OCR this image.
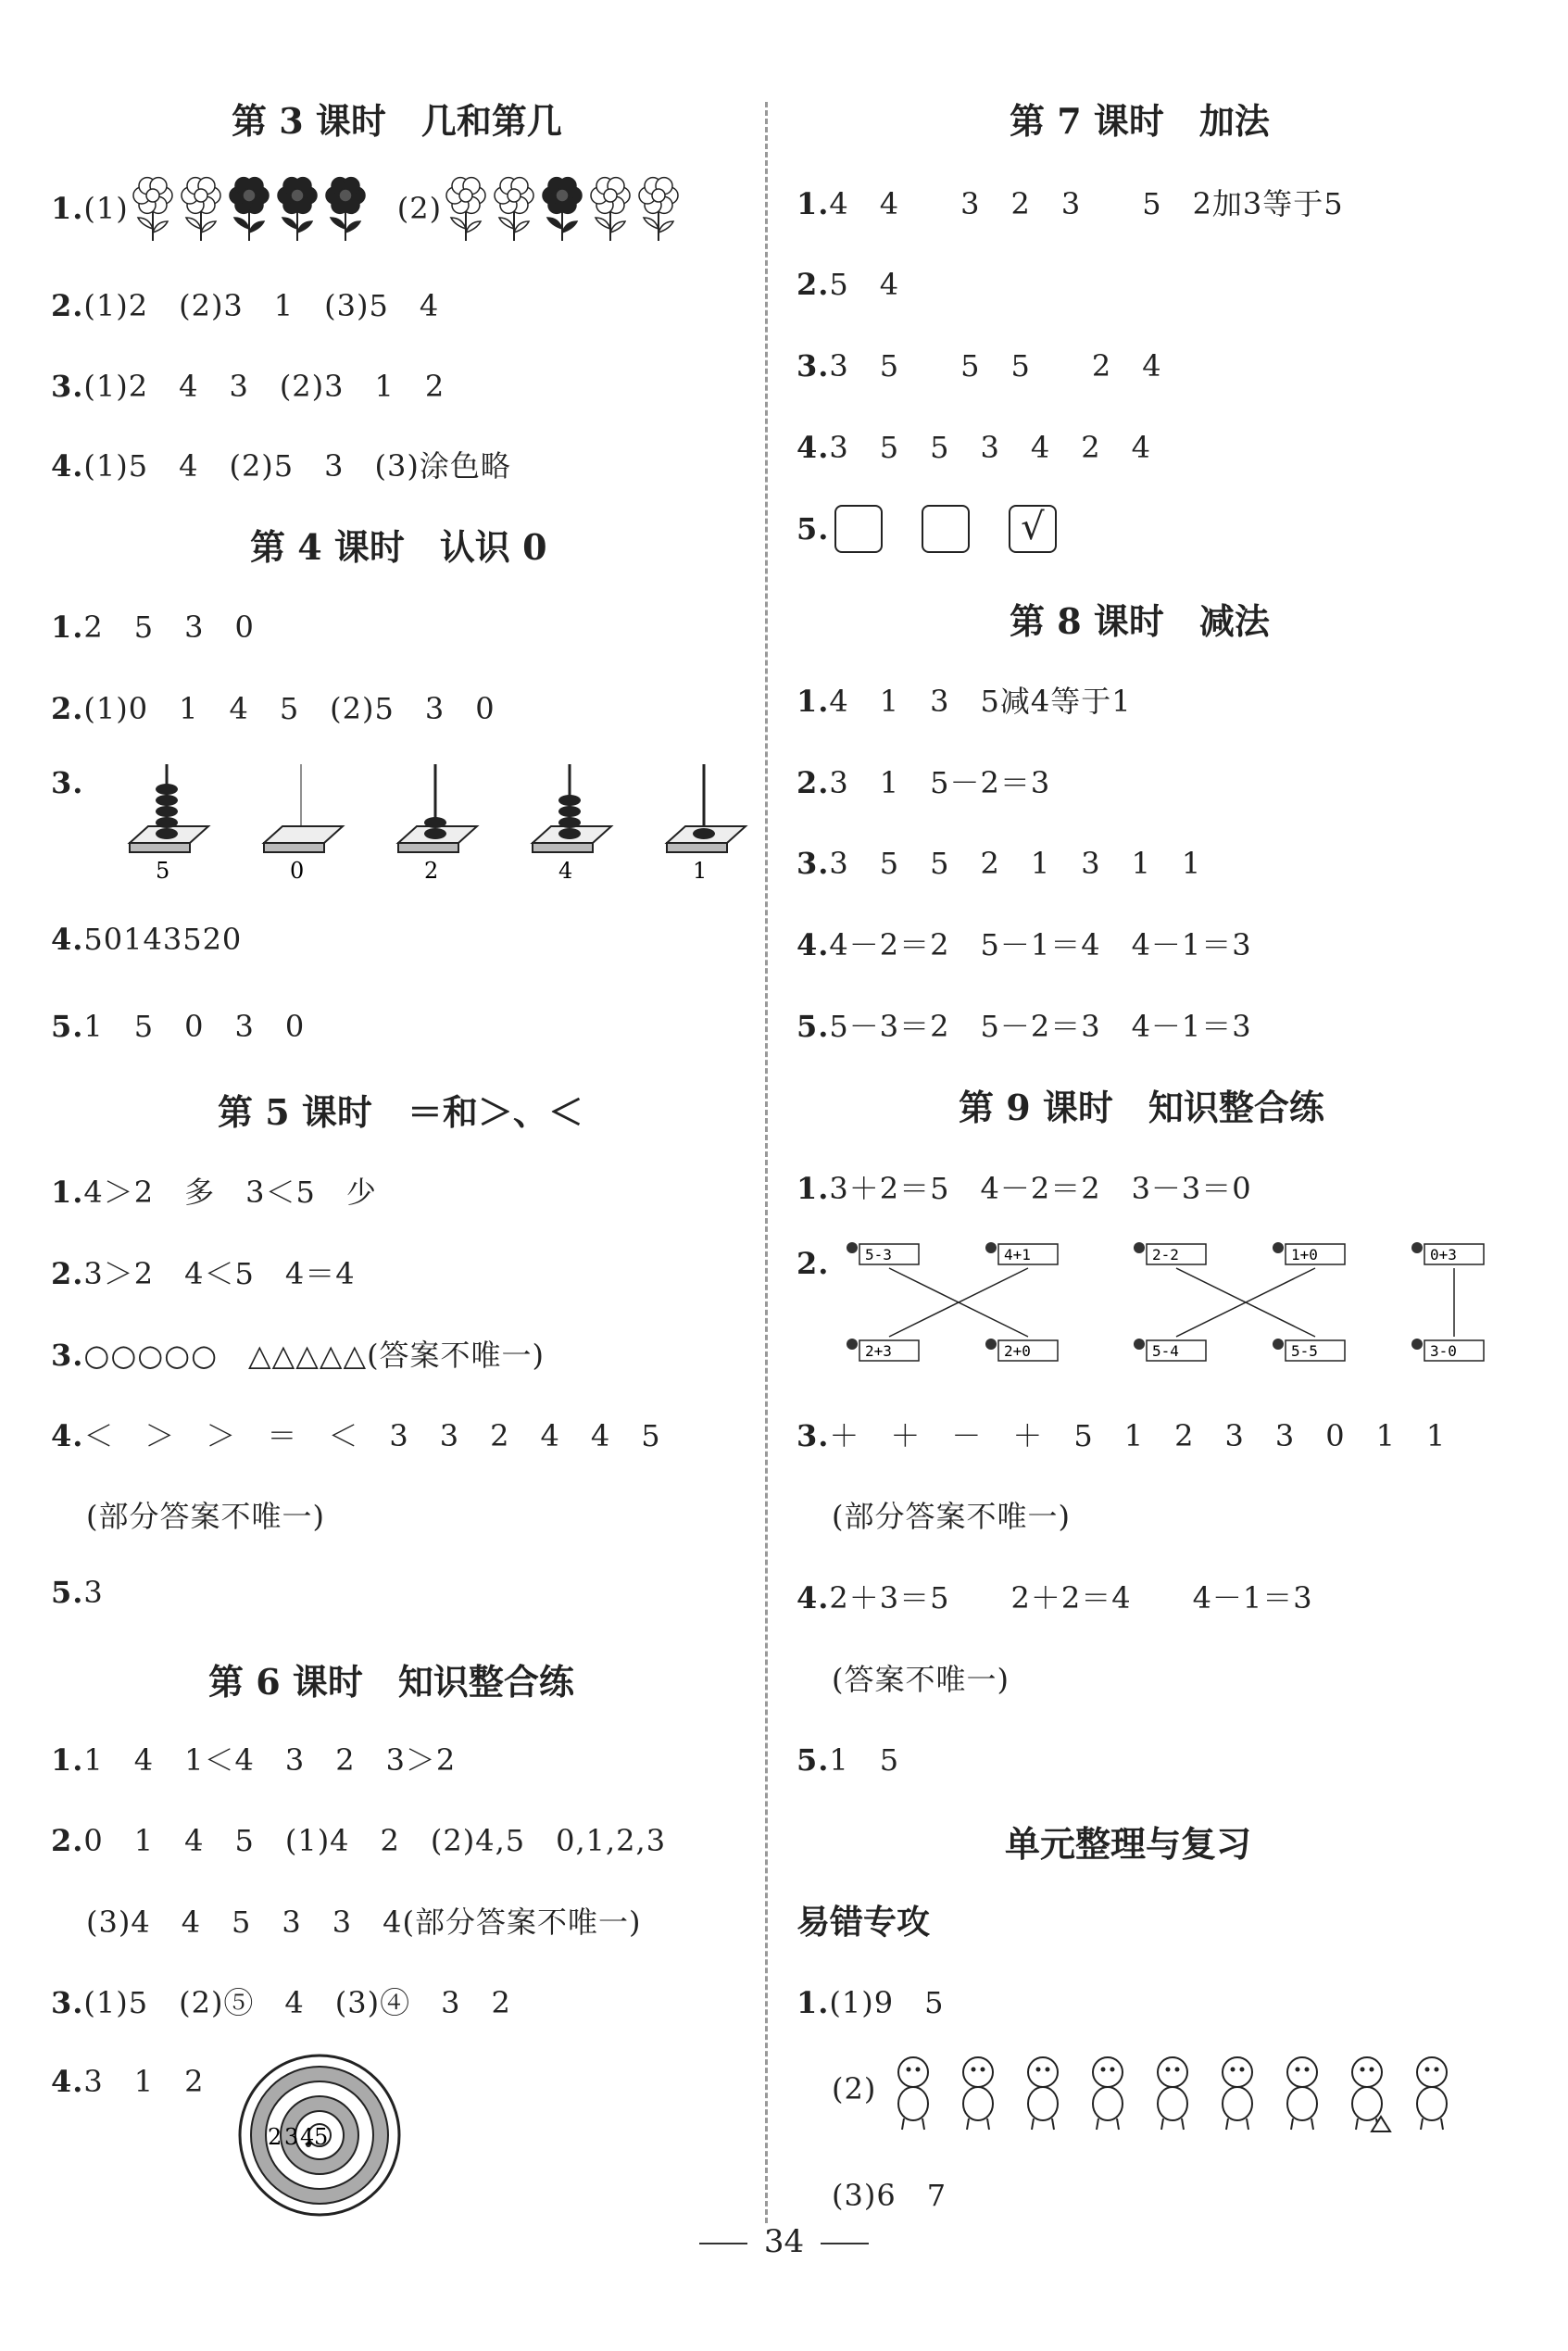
第 3 课时　几和第几
1. (1)	(2)
2.(1)2　(2)3　1　(3)5　4
3.(1)2　4　3　(2)3　1　2
4.(1)5　4　(2)5　3　(3)涂色略
第 4 课时　认识 0
1.2　5　3　0
2.(1)0　1　4　5　(2)5　3　0
3.
5	0	2	4	1
4.50143520
5.1　5　0　3　0
第 5 课时　＝和＞、＜
1.4＞2　多　3＜5　少
2.3＞2　4＜5　4＝4
3.○○○○○　△△△△△(答案不唯一)
4.＜　＞　＞　＝　＜　3　3　2　4　4　5
(部分答案不唯一)
5.3
第 6 课时　知识整合练
1.1　4　1＜4　3　2　3＞2
2.0　1　4　5　(1)4　2　(2)4,5　0,1,2,3
(3)4　4　5　3　3　4(部分答案不唯一)
3.(1)5　(2)⑤　4　(3)④　3　2
4.3　1　2
2 3 4 5
第 7 课时　加法
1.4　4　　3　2　3　　5　2加3等于5
2.5　4
3.3　5　　5　5　　2　4
4.3　5　5　3　4　2　4
5.	√
第 8 课时　减法
1.4　1　3　5减4等于1
2.3　1　5－2＝3
3.3　5　5　2　1　3　1　1
4.4－2＝2　5－1＝4　4－1＝3
5.5－3＝2　5－2＝3　4－1＝3
第 9 课时　知识整合练
1.3＋2＝5　4－2＝2　3－3＝0
2. 5-3	4+1	2-2	1+0	0+3
2+3	2+0	5-4	5-5	3-0
3.＋　＋　－　＋　5　1　2　3　3　0　1　1
(部分答案不唯一)
4.2＋3＝5　　2＋2＝4　　4－1＝3
(答案不唯一)
5.1　5
单元整理与复习
易错专攻
1.(1)9　5
(2)
(3)6　7
34
